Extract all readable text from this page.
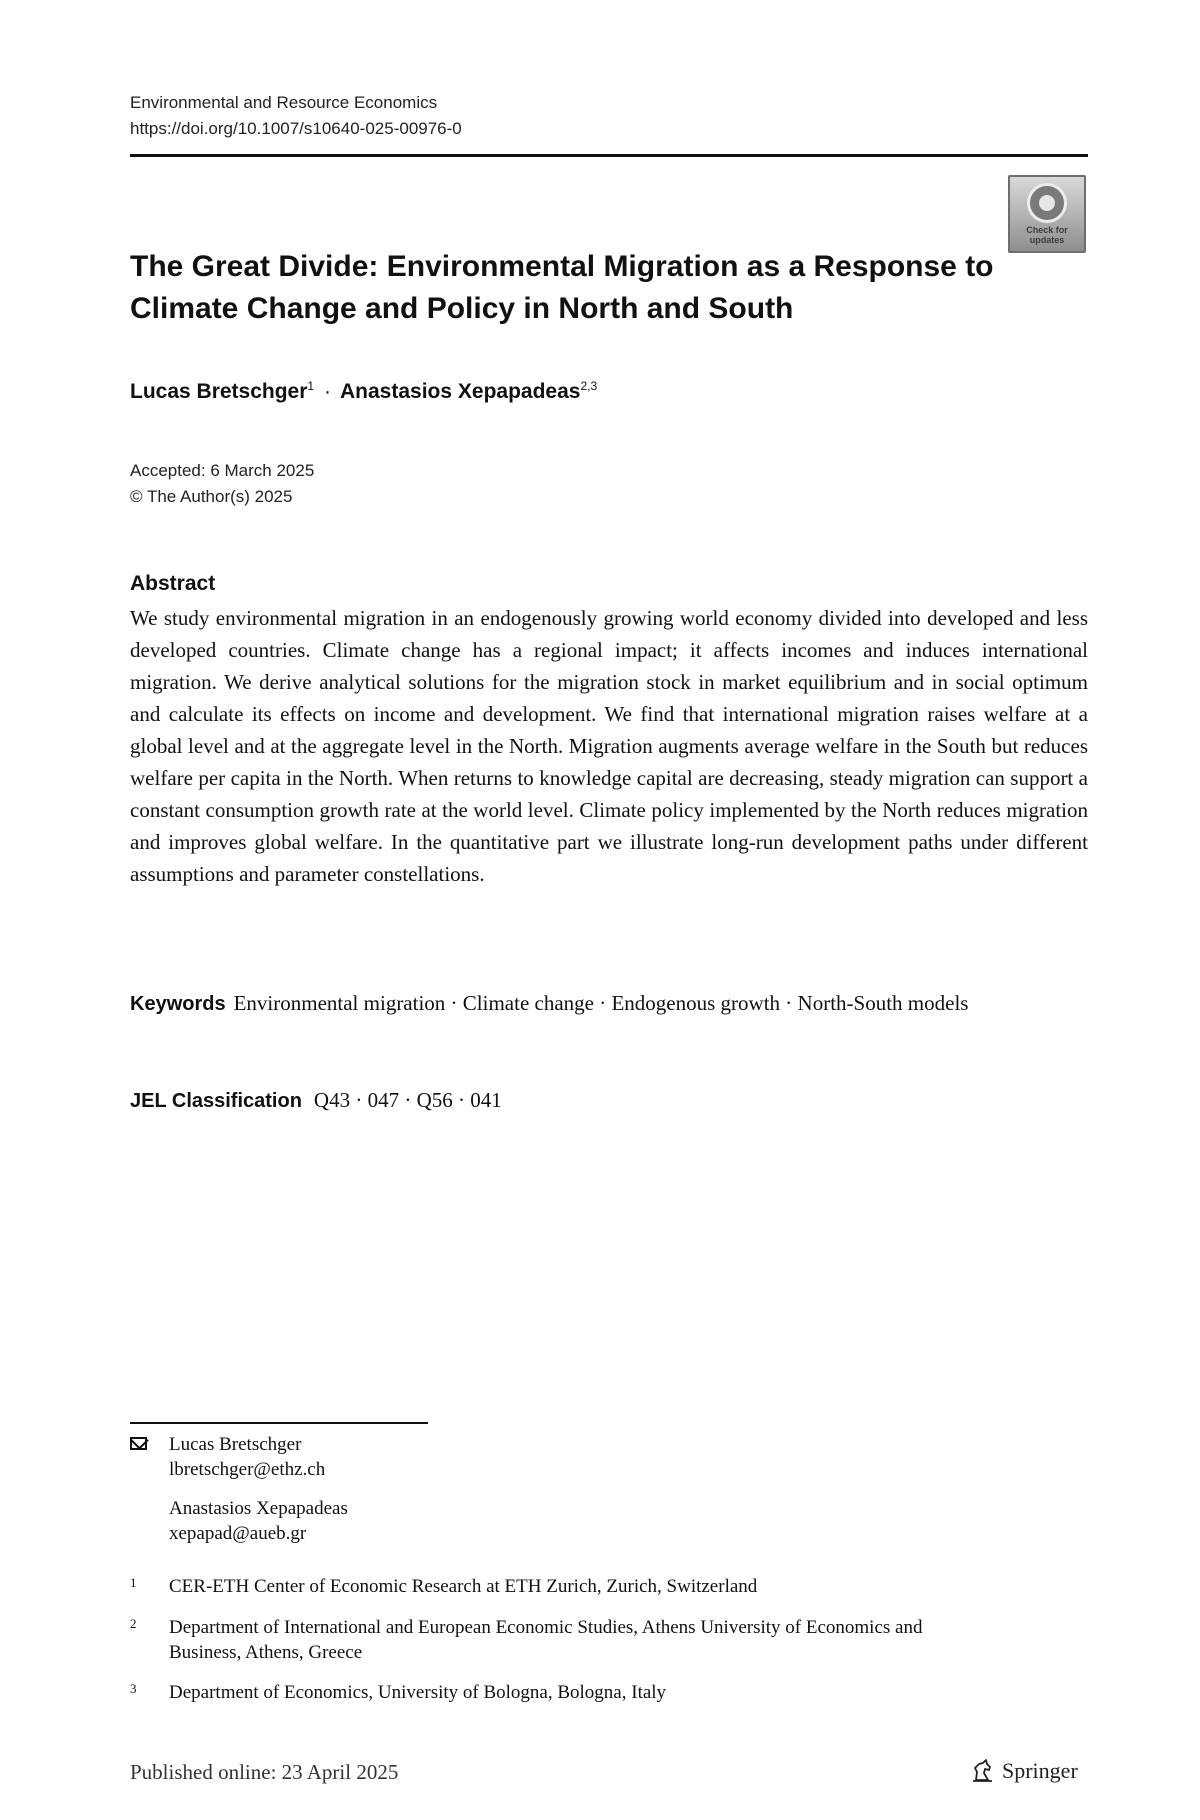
Environmental and Resource Economics
https://doi.org/10.1007/s10640-025-00976-0
Check for updates
The Great Divide: Environmental Migration as a Response to Climate Change and Policy in North and South
Lucas Bretschger$^1$ · Anastasios Xepapadeas$^{2,3}$
Accepted: 6 March 2025
© The Author(s) 2025
Abstract
We study environmental migration in an endogenously growing world economy divided into developed and less developed countries. Climate change has a regional impact; it affects incomes and induces international migration. We derive analytical solutions for the migration stock in market equilibrium and in social optimum and calculate its effects on income and development. We find that international migration raises welfare at a global level and at the aggregate level in the North. Migration augments average welfare in the South but reduces welfare per capita in the North. When returns to knowledge capital are decreasing, steady migration can support a constant consumption growth rate at the world level. Climate policy implemented by the North reduces migration and improves global welfare. In the quantitative part we illustrate long-run development paths under different assumptions and parameter constellations.
Keywords Environmental migration · Climate change · Endogenous growth · North-South models
JEL Classification Q43 · 047 · Q56 · 041
Lucas Bretschger
lbretschger@ethz.ch
Anastasios Xepapadeas
xepapad@aueb.gr
1 CER-ETH Center of Economic Research at ETH Zurich, Zurich, Switzerland
2 Department of International and European Economic Studies, Athens University of Economics and Business, Athens, Greece
3 Department of Economics, University of Bologna, Bologna, Italy
Published online: 23 April 2025	Springer
